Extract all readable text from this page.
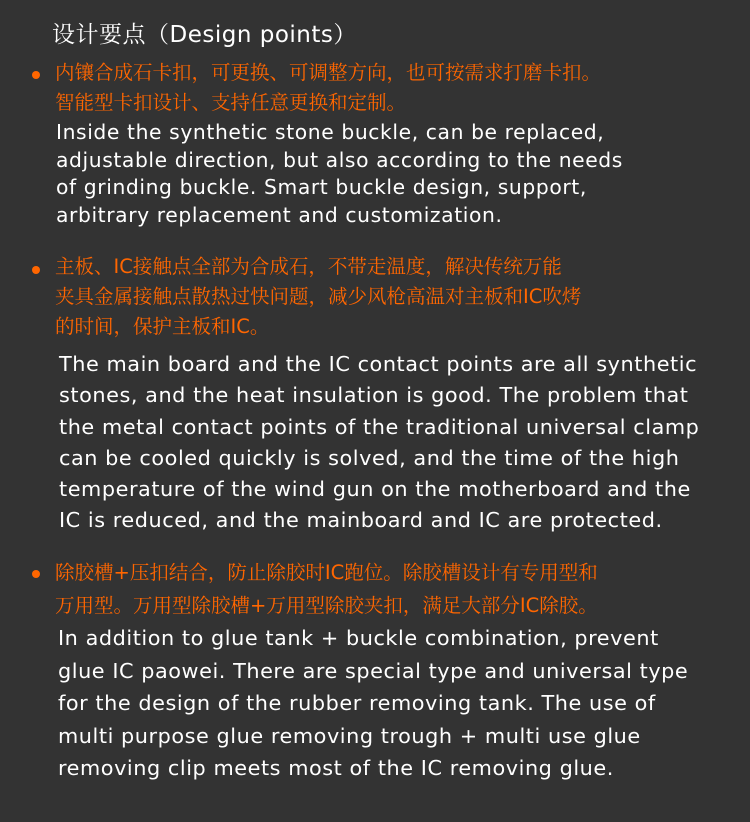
设计要点（Design points）
内镶合成石卡扣，可更换、可调整方向，也可按需求打磨卡扣。
智能型卡扣设计、支持任意更换和定制。
Inside the synthetic stone buckle, can be replaced,
adjustable direction, but also according to the needs
of grinding buckle. Smart buckle design, support,
arbitrary replacement and customization.
主板、IC接触点全部为合成石，不带走温度，解决传统万能
夹具金属接触点散热过快问题，减少风枪高温对主板和IC吹烤
的时间，保护主板和IC。
The main board and the IC contact points are all synthetic
stones, and the heat insulation is good. The problem that
the metal contact points of the traditional universal clamp
can be cooled quickly is solved, and the time of the high
temperature of the wind gun on the motherboard and the
IC is reduced, and the mainboard and IC are protected.
除胶槽+压扣结合，防止除胶时IC跑位。除胶槽设计有专用型和
万用型。万用型除胶槽+万用型除胶夹扣，满足大部分IC除胶。
In addition to glue tank + buckle combination, prevent
glue IC paowei. There are special type and universal type
for the design of the rubber removing tank. The use of
multi purpose glue removing trough + multi use glue
removing clip meets most of the IC removing glue.
